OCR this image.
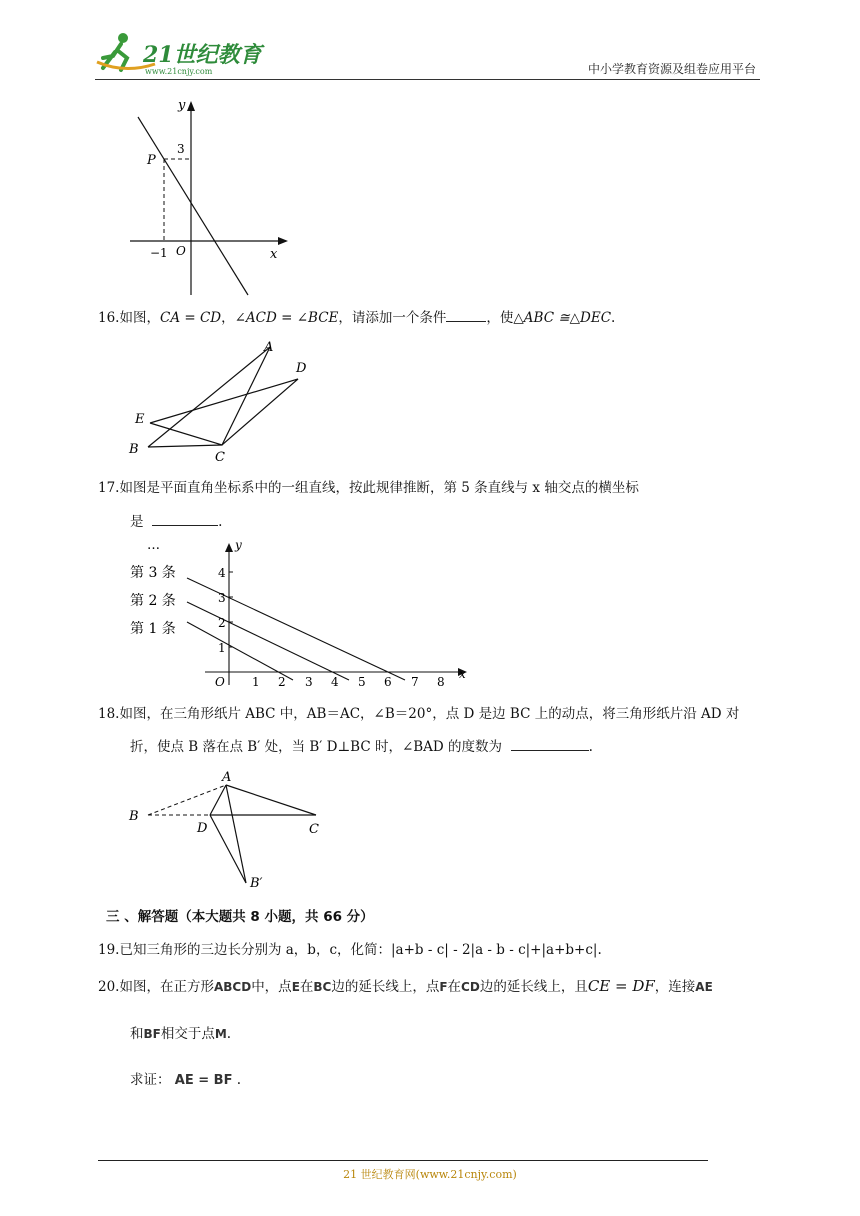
21世纪教育
www.21cnjy.com	中小学教育资源及组卷应用平台
y
x
P
3
−1 O
16.如图，CA = CD，∠ACD = ∠BCE，请添加一个条件	，使△ABC ≅△DEC.
A
D
E
B
C
17.如图是平面直角坐标系中的一组直线，按此规律推断，第 5 条直线与 x 轴交点的横坐标
是	.
…
第 3 条
第 2 条
第 1 条
y
x
O
1
2
3
4
1 2 3 4 5 6 7 8
18.如图，在三角形纸片 ABC 中，AB＝AC，∠B＝20°，点 D 是边 BC 上的动点，将三角形纸片沿 AD 对
折，使点 B 落在点 B′ 处，当 B′ D⊥BC 时，∠BAD 的度数为	.
A
B
D	C
B′
三 、解答题（本大题共 8 小题，共 66 分）
19.已知三角形的三边长分别为 a，b，c，化简：|a+b - c| - 2|a - b - c|+|a+b+c|.
20.如图，在正方形ABCD中，点E在BC边的延长线上，点F在CD边的延长线上，且CE = DF，连接AE
和BF相交于点M.
求证： AE = BF .
21 世纪教育网(www.21cnjy.com)
